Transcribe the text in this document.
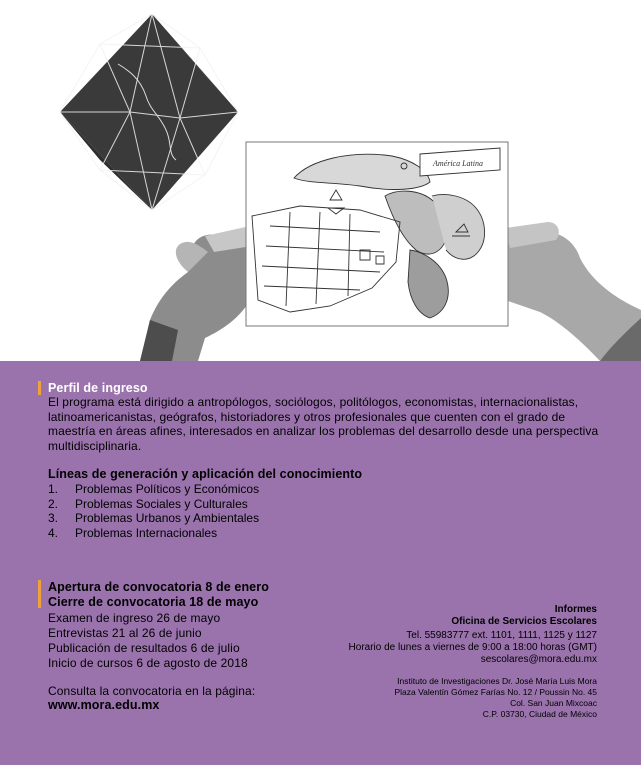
América Latina

Perfil de ingreso

El programa está dirigido a antropólogos, sociólogos, politólogos, economistas, internacionalistas, latinoamericanistas, geógrafos, historiadores y otros profesionales que cuenten con el grado de maestría en áreas afines, interesados en analizar los problemas del desarrollo desde una perspectiva multidisciplinaria.

Líneas de generación y aplicación del conocimiento

1.	Problemas Políticos y Económicos
2.	Problemas Sociales y Culturales
3.	Problemas Urbanos y Ambientales
4.	Problemas Internacionales

Apertura de convocatoria 8 de enero

Cierre de convocatoria 18 de mayo

Examen de ingreso 26 de mayo

Entrevistas 21 al 26 de junio

Publicación de resultados 6 de julio

Inicio de cursos 6 de agosto de 2018

Consulta la convocatoria en la página:

www.mora.edu.mx

Informes

Oficina de Servicios Escolares

Tel. 55983777 ext. 1101, 1111, 1125 y 1127

Horario de lunes a viernes de 9:00 a 18:00 horas (GMT)

sescolares@mora.edu.mx

Instituto de Investigaciones Dr. José María Luis Mora

Plaza Valentín Gómez Farías No. 12 / Poussin No. 45

Col. San Juan Mixcoac

C.P. 03730, Ciudad de México
